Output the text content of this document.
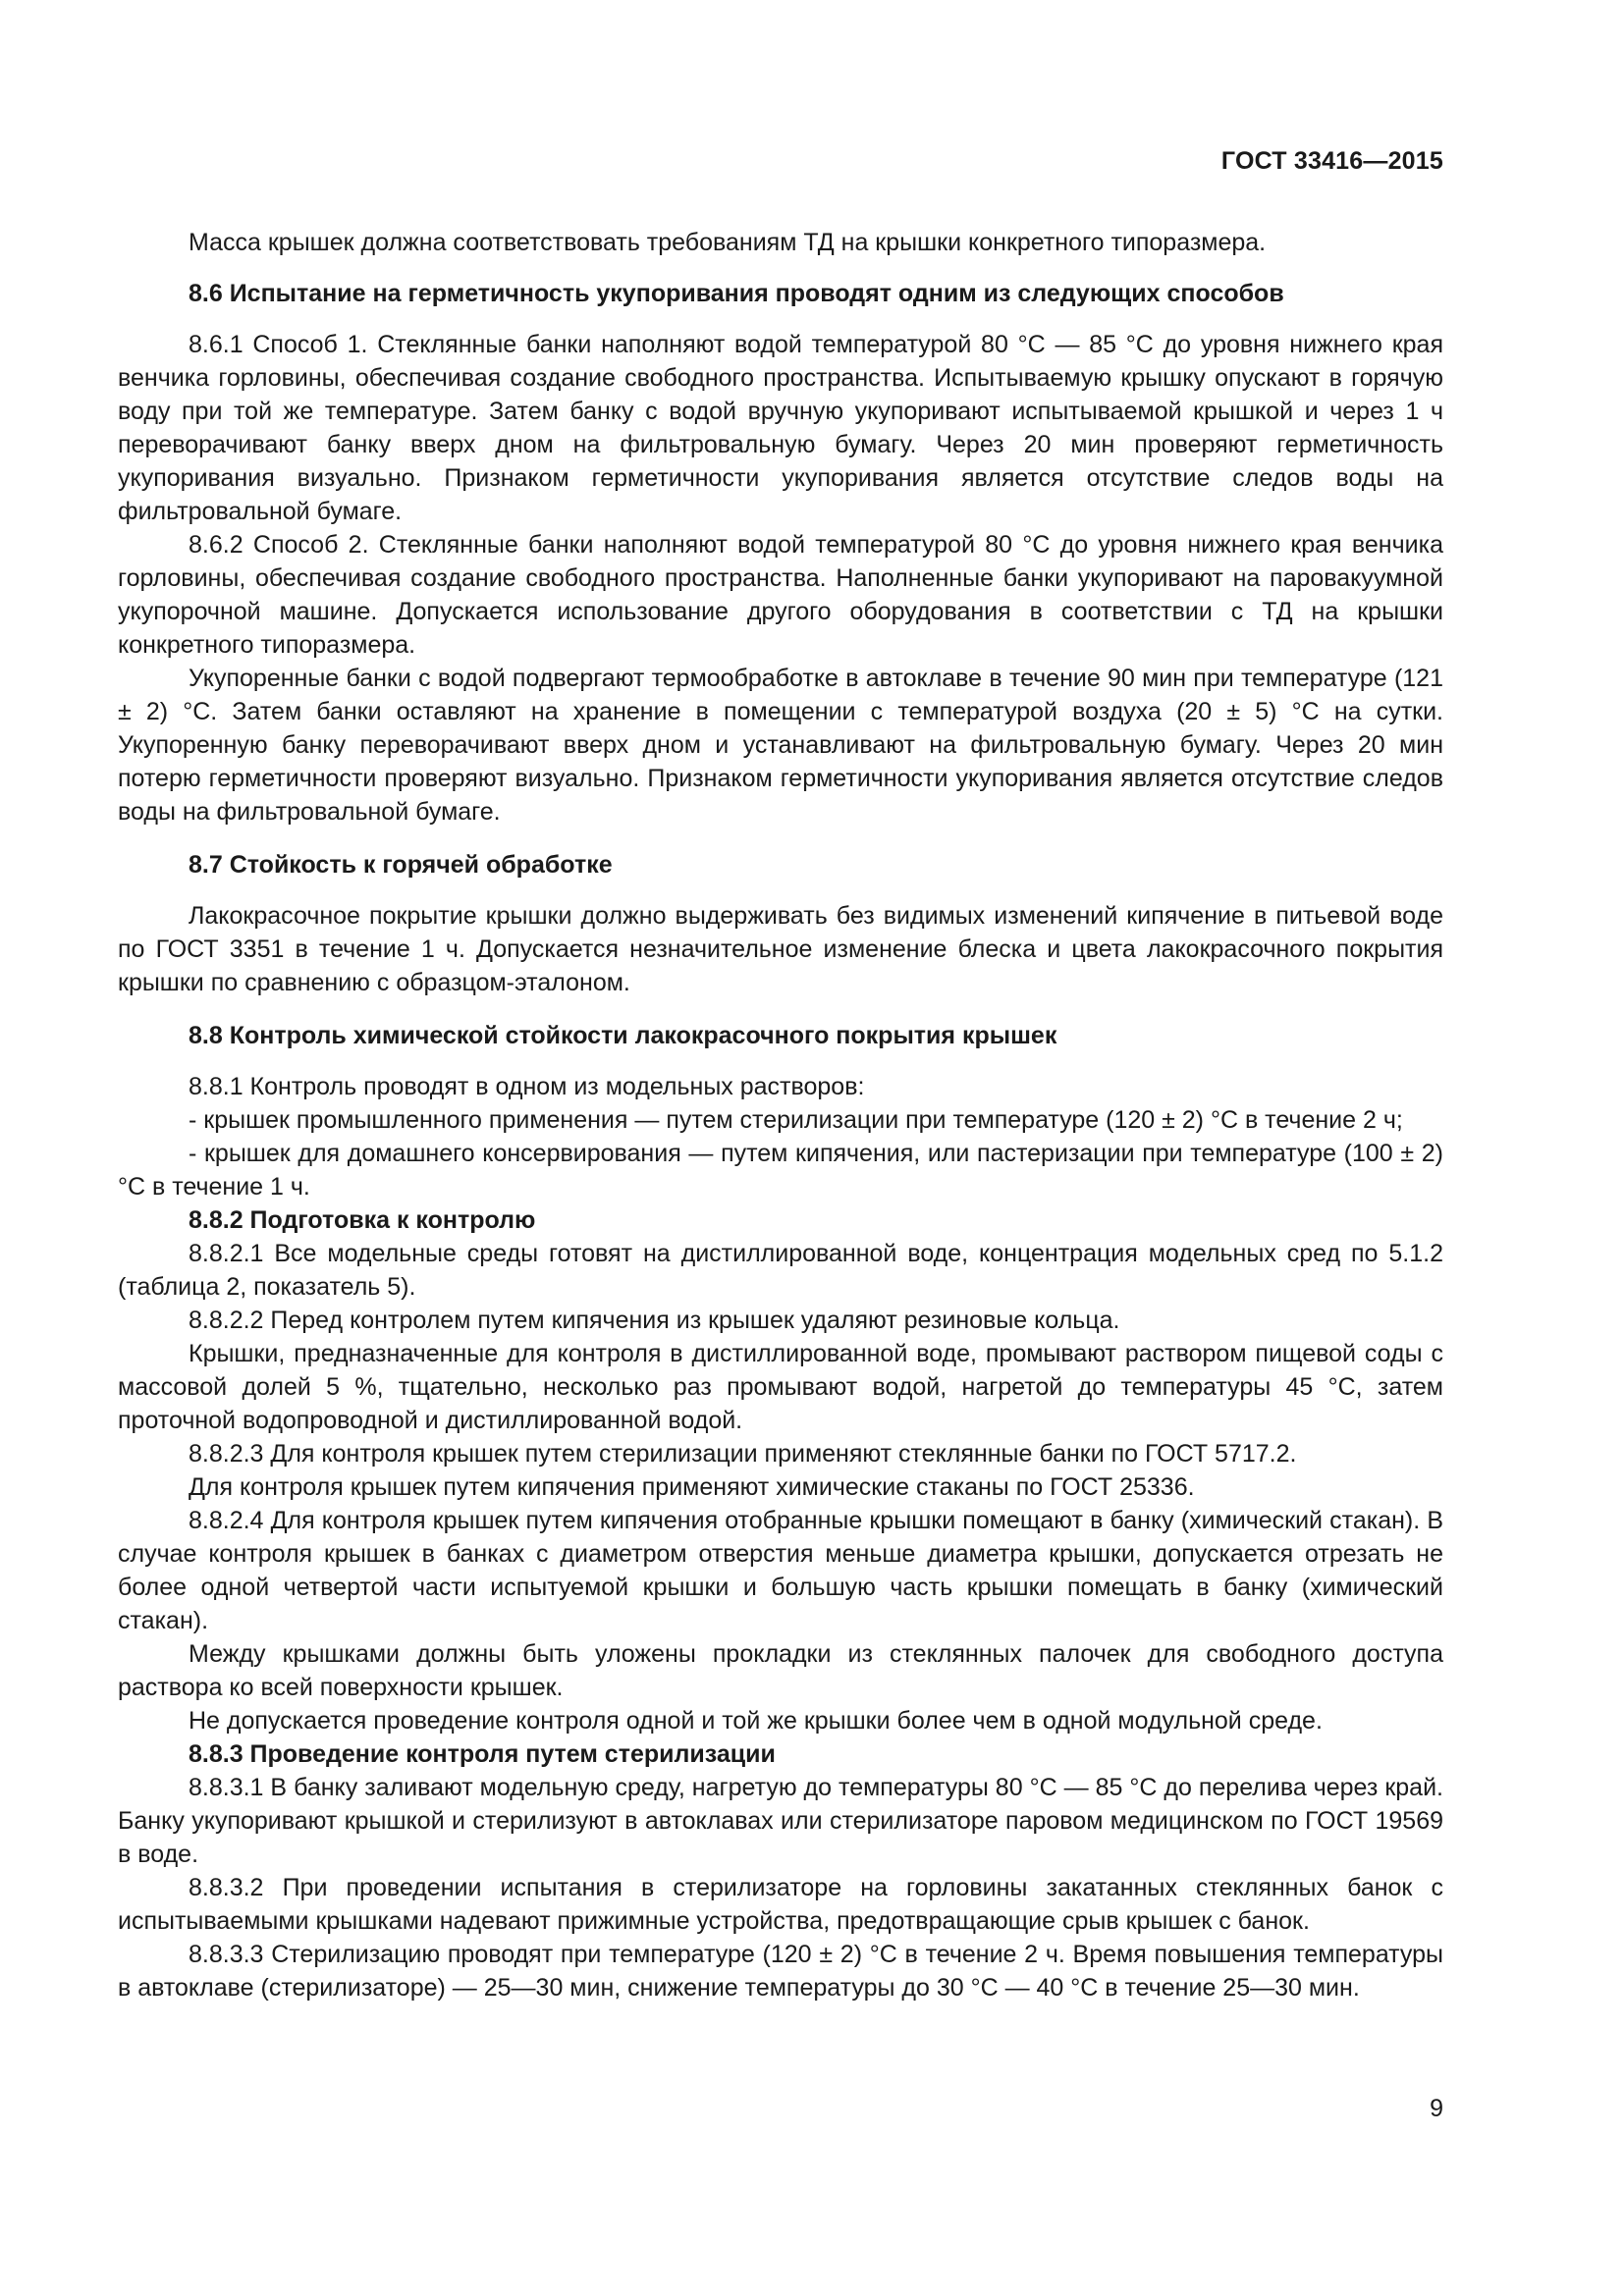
ГОСТ 33416—2015

Масса крышек должна соответствовать требованиям ТД на крышки конкретного типоразмера.

8.6 Испытание на герметичность укупоривания проводят одним из следующих способов

8.6.1 Способ 1. Стеклянные банки наполняют водой температурой 80 °С — 85 °С до уровня нижнего края венчика горловины, обеспечивая создание свободного пространства. Испытываемую крышку опускают в горячую воду при той же температуре. Затем банку с водой вручную укупоривают испытываемой крышкой и через 1 ч переворачивают банку вверх дном на фильтровальную бумагу. Через 20 мин проверяют герметичность укупоривания визуально. Признаком герметичности укупоривания является отсутствие следов воды на фильтровальной бумаге.

8.6.2 Способ 2. Стеклянные банки наполняют водой температурой 80 °С до уровня нижнего края венчика горловины, обеспечивая создание свободного пространства. Наполненные банки укупоривают на паровакуумной укупорочной машине. Допускается использование другого оборудования в соответствии с ТД на крышки конкретного типоразмера.

Укупоренные банки с водой подвергают термообработке в автоклаве в течение 90 мин при температуре (121 ± 2) °С. Затем банки оставляют на хранение в помещении с температурой воздуха (20 ± 5) °С на сутки. Укупоренную банку переворачивают вверх дном и устанавливают на фильтровальную бумагу. Через 20 мин потерю герметичности проверяют визуально. Признаком герметичности укупоривания является отсутствие следов воды на фильтровальной бумаге.

8.7 Стойкость к горячей обработке

Лакокрасочное покрытие крышки должно выдерживать без видимых изменений кипячение в питьевой воде по ГОСТ 3351 в течение 1 ч. Допускается незначительное изменение блеска и цвета лакокрасочного покрытия крышки по сравнению с образцом-эталоном.

8.8 Контроль химической стойкости лакокрасочного покрытия крышек

8.8.1 Контроль проводят в одном из модельных растворов:

- крышек промышленного применения — путем стерилизации при температуре (120 ± 2) °С в течение 2 ч;

- крышек для домашнего консервирования — путем кипячения, или пастеризации при температуре (100 ± 2) °С в течение 1 ч.

8.8.2 Подготовка к контролю

8.8.2.1 Все модельные среды готовят на дистиллированной воде, концентрация модельных сред по 5.1.2 (таблица 2, показатель 5).

8.8.2.2 Перед контролем путем кипячения из крышек удаляют резиновые кольца.

Крышки, предназначенные для контроля в дистиллированной воде, промывают раствором пищевой соды с массовой долей 5 %, тщательно, несколько раз промывают водой, нагретой до температуры 45 °С, затем проточной водопроводной и дистиллированной водой.

8.8.2.3 Для контроля крышек путем стерилизации применяют стеклянные банки по ГОСТ 5717.2.

Для контроля крышек путем кипячения применяют химические стаканы по ГОСТ 25336.

8.8.2.4 Для контроля крышек путем кипячения отобранные крышки помещают в банку (химический стакан). В случае контроля крышек в банках с диаметром отверстия меньше диаметра крышки, допускается отрезать не более одной четвертой части испытуемой крышки и большую часть крышки помещать в банку (химический стакан).

Между крышками должны быть уложены прокладки из стеклянных палочек для свободного доступа раствора ко всей поверхности крышек.

Не допускается проведение контроля одной и той же крышки более чем в одной модульной среде.

8.8.3 Проведение контроля путем стерилизации

8.8.3.1 В банку заливают модельную среду, нагретую до температуры 80 °С — 85 °С до перелива через край. Банку укупоривают крышкой и стерилизуют в автоклавах или стерилизаторе паровом медицинском по ГОСТ 19569 в воде.

8.8.3.2 При проведении испытания в стерилизаторе на горловины закатанных стеклянных банок с испытываемыми крышками надевают прижимные устройства, предотвращающие срыв крышек с банок.

8.8.3.3 Стерилизацию проводят при температуре (120 ± 2) °С в течение 2 ч. Время повышения температуры в автоклаве (стерилизаторе) — 25—30 мин, снижение температуры до 30 °С — 40 °С в течение 25—30 мин.

9
